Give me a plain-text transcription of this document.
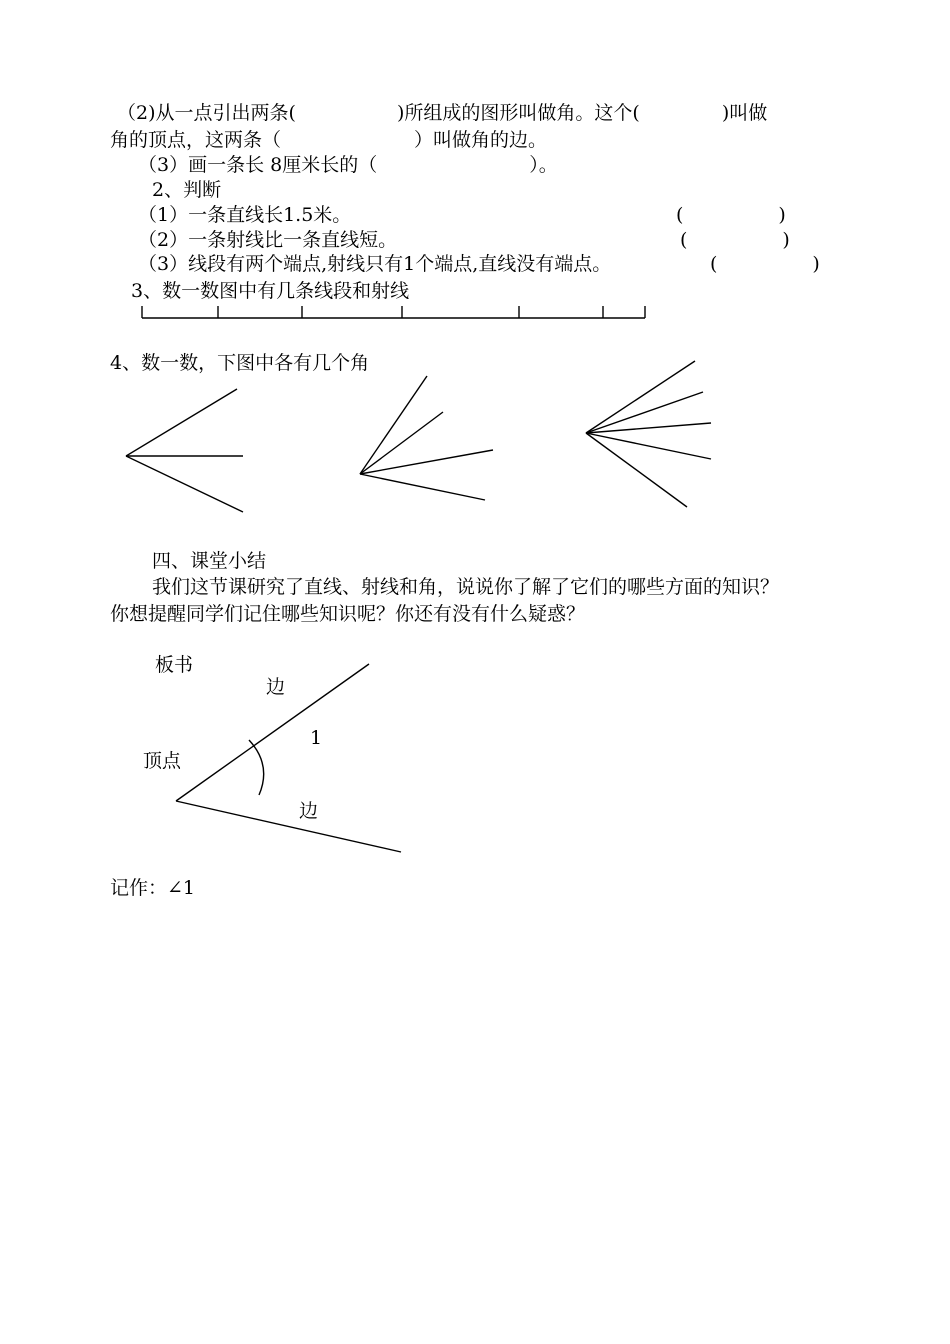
（2)从一点引出两条(　　　　　 )所组成的图形叫做角。这个(　　　　 )叫做
角的顶点，这两条（　　　　　　　）叫做角的边。
（3）画一条长 8厘米长的（　　　　　　　　）。
2、判断
（1）一条直线长1.5米。	(　　　　　)
（2）一条射线比一条直线短。	(　　　　　)
（3）线段有两个端点,射线只有1个端点,直线没有端点。	(　　　　　)
3、数一数图中有几条线段和射线
4、数一数，下图中各有几个角
四、课堂小结
我们这节课研究了直线、射线和角，说说你了解了它们的哪些方面的知识？
你想提醒同学们记住哪些知识呢？你还有没有什么疑惑？
板书
边
1
顶点
边
记作：∠1
